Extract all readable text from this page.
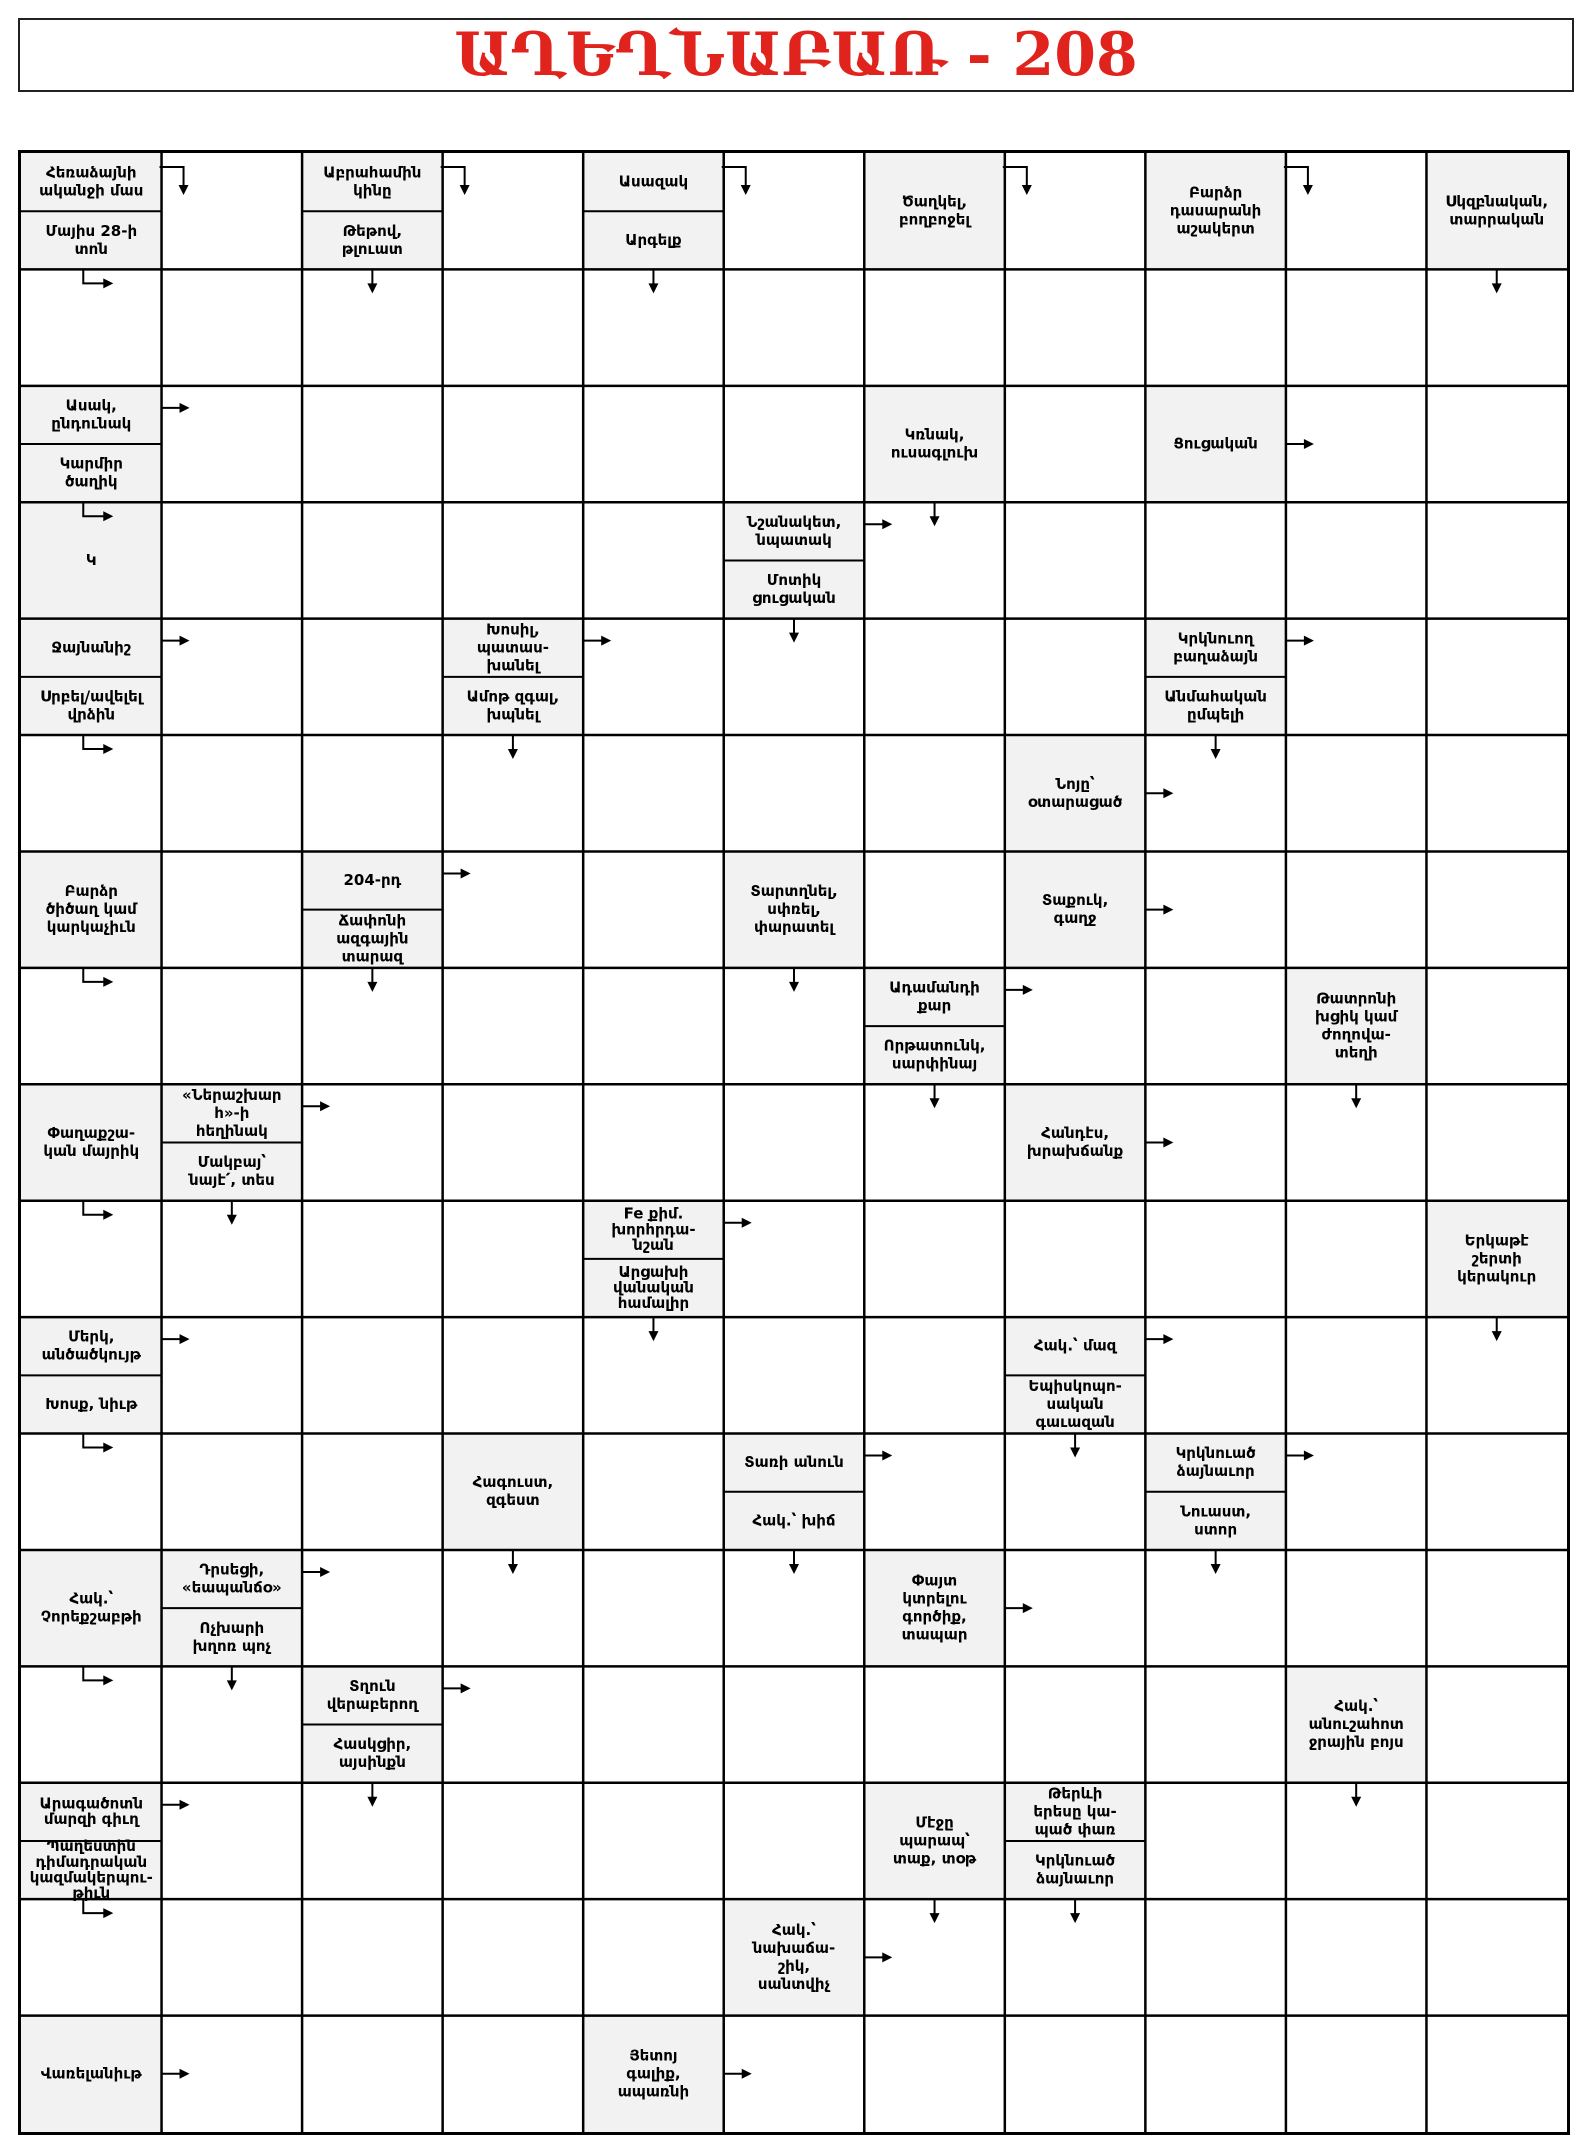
ԱՂԵՂՆԱԲԱՌ - 208
Հեռաձայնի
ականջի մաս
Մայիս 28-ի
տոն
Աբրահամին
կինը
Թեթով,
թլուատ
Ասազակ
Արգելք
Ծաղկել,
բողբոջել
Բարձր
դասարանի
աշակերտ
Սկզբնական,
տարրական
Ասակ,
ընդունակ
Կարմիր
ծաղիկ
Կռնակ,
ուսագլուխ	Ցուցական
Կ
Նշանակետ,
նպատակ
Մոտիկ
ցուցական
Ջայնանիշ
Սրբել/ավելել
վրձին
Խոսիլ,
պատաս-
խանել
Ամոթ զգալ,
խպնել
Կրկնուող
բաղաձայն
Անմահական
ըմպելի
Նոյը՝
օտարացած
Բարձր
ծիծաղ կամ
կարկաչիւն
204-րդ
Ճափոնի
ազգային
տարազ
Տարտղնել,
սփռել,
փարատել
Տաքուկ,
գաղջ
Ադամանդի
քար
Որթատունկ,
սարփինայ
Թատրոնի
խցիկ կամ
ժողովա-
տեղի
Փաղաքշա-
կան մայրիկ
«Ներաշխար
հ»-ի
հեղինակ
Մակբայ՝
նայէ՛, տես
Հանդէս,
խրախճանք
Fe քիմ.
խորհրդա-
նշան
Արցախի
վանական
համալիր
Երկաթէ
շերտի
կերակուր
Մերկ,
անծածկույթ
Խոսք, նիւթ
Հակ.՝ մազ
Եպիսկոպո-
սական
գաւազան
Հագուստ,
զգեստ
Տառի անուն
Հակ.՝ խիճ
Կրկնուած
ձայնաւոր
Նուաստ,
ստոր
Հակ.՝
Չորեքշաբթի
Դրսեցի,
«եապանճօ»
Ոչխարի
խղոռ պոչ
Փայտ
կտրելու
գործիք,
տապար
Տղուն
վերաբերող
Հասկցիր,
այսինքն
Հակ.՝
անուշահոտ
ջրային բոյս
Արագածոտն
մարզի գիւղ
Պաղեստին
դիմադրական
կազմակերպու-
թիւն
Մէջը
պարապ՝
տաք, տօթ
Թերևի
երեսը կա-
պած փառ
Կրկնուած
ձայնաւոր
Հակ.՝
նախաճա-
շիկ,
սանտվիչ
Վառելանիւթ
Յետոյ
գալիք,
ապառնի
